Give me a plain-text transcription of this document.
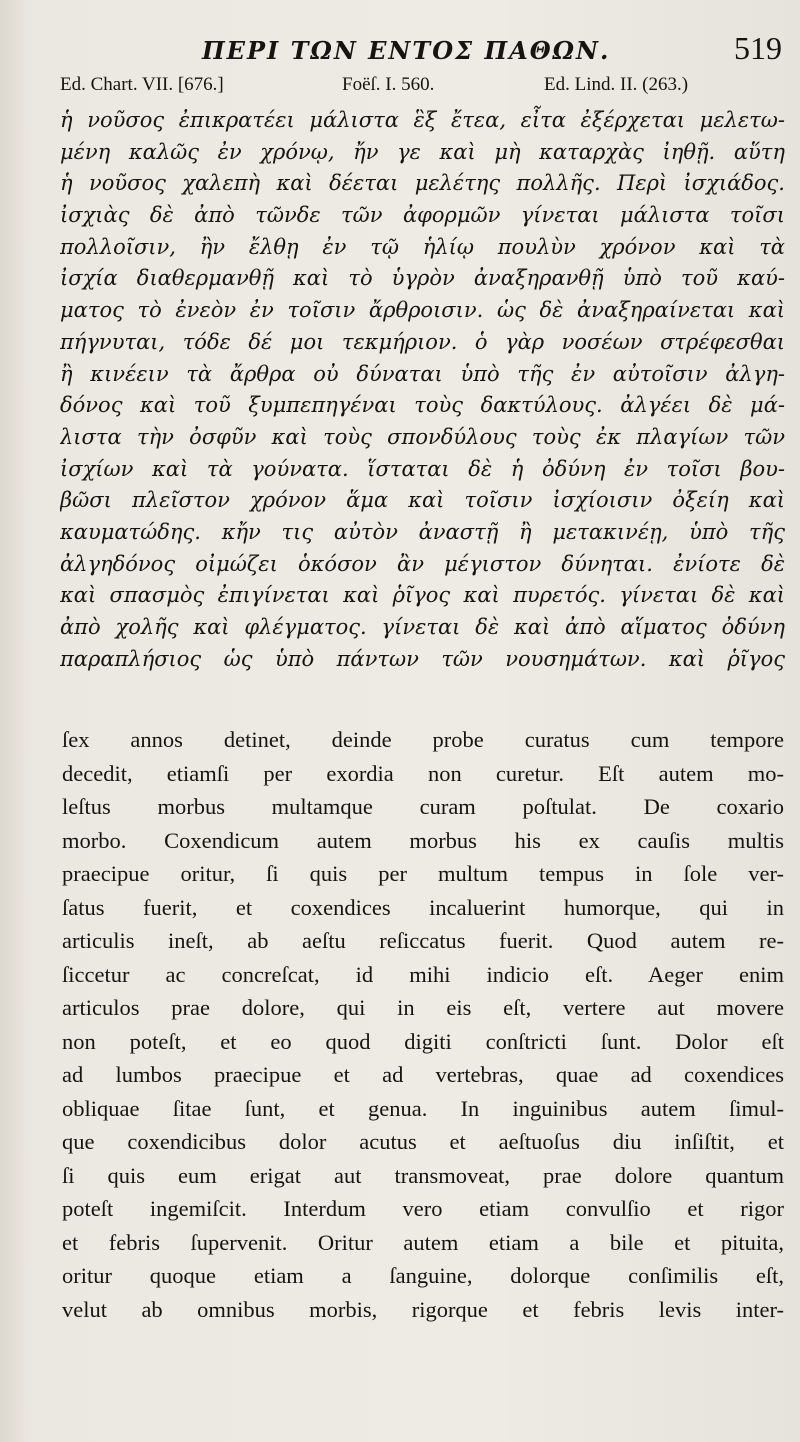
ΠΕΡΙ ΤΩΝ ΕΝΤΟΣ ΠΑΘΩΝ.	519
Ed. Chart. VII. [676.]	Foëſ. I. 560.	Ed. Lind. II. (263.)
ἡ νοῦσος ἐπικρατέει μάλιστα ἓξ ἔτεα, εἶτα ἐξέρχεται μελετω-
μένη καλῶς ἐν χρόνῳ, ἤν γε καὶ μὴ καταρχὰς ἰηθῇ. αὕτη
ἡ νοῦσος χαλεπὴ καὶ δέεται μελέτης πολλῆς. Περὶ ἰσχιάδος.
ἰσχιὰς δὲ ἀπὸ τῶνδε τῶν ἀφορμῶν γίνεται μάλιστα τοῖσι
πολλοῖσιν, ἢν ἔλθῃ ἐν τῷ ἡλίῳ πουλὺν χρόνον καὶ τὰ
ἰσχία διαθερμανθῇ καὶ τὸ ὑγρὸν ἀναξηρανθῇ ὑπὸ τοῦ καύ-
ματος τὸ ἐνεὸν ἐν τοῖσιν ἄρθροισιν. ὡς δὲ ἀναξηραίνεται καὶ
πήγνυται, τόδε δέ μοι τεκμήριον. ὁ γὰρ νοσέων στρέφεσθαι
ἢ κινέειν τὰ ἄρθρα οὐ δύναται ὑπὸ τῆς ἐν αὐτοῖσιν ἀλγη-
δόνος καὶ τοῦ ξυμπεπηγέναι τοὺς δακτύλους. ἀλγέει δὲ μά-
λιστα τὴν ὀσφῦν καὶ τοὺς σπονδύλους τοὺς ἐκ πλαγίων τῶν
ἰσχίων καὶ τὰ γούνατα. ἵσταται δὲ ἡ ὀδύνη ἐν τοῖσι βου-
βῶσι πλεῖστον χρόνον ἅμα καὶ τοῖσιν ἰσχίοισιν ὀξείη καὶ
καυματώδης. κἤν τις αὐτὸν ἀναστῇ ἢ μετακινέῃ, ὑπὸ τῆς
ἀλγηδόνος οἰμώζει ὁκόσον ἂν μέγιστον δύνηται. ἐνίοτε δὲ
καὶ σπασμὸς ἐπιγίνεται καὶ ῥῖγος καὶ πυρετός. γίνεται δὲ καὶ
ἀπὸ χολῆς καὶ φλέγματος. γίνεται δὲ καὶ ἀπὸ αἵματος ὀδύνη
παραπλήσιος ὡς ὑπὸ πάντων τῶν νουσημάτων. καὶ ῥῖγος
ſex annos detinet, deinde probe curatus cum tempore
decedit, etiamſi per exordia non curetur. Eſt autem mo-
leſtus morbus multamque curam poſtulat. De coxario
morbo. Coxendicum autem morbus his ex cauſis multis
praecipue oritur, ſi quis per multum tempus in ſole ver-
ſatus fuerit, et coxendices incaluerint humorque, qui in
articulis ineſt, ab aeſtu reſiccatus fuerit. Quod autem re-
ſiccetur ac concreſcat, id mihi indicio eſt. Aeger enim
articulos prae dolore, qui in eis eſt, vertere aut movere
non poteſt, et eo quod digiti conſtricti ſunt. Dolor eſt
ad lumbos praecipue et ad vertebras, quae ad coxendices
obliquae ſitae ſunt, et genua. In inguinibus autem ſimul-
que coxendicibus dolor acutus et aeſtuoſus diu inſiſtit, et
ſi quis eum erigat aut transmoveat, prae dolore quantum
poteſt ingemiſcit. Interdum vero etiam convulſio et rigor
et febris ſupervenit. Oritur autem etiam a bile et pituita,
oritur quoque etiam a ſanguine, dolorque conſimilis eſt,
velut ab omnibus morbis, rigorque et febris levis inter-
